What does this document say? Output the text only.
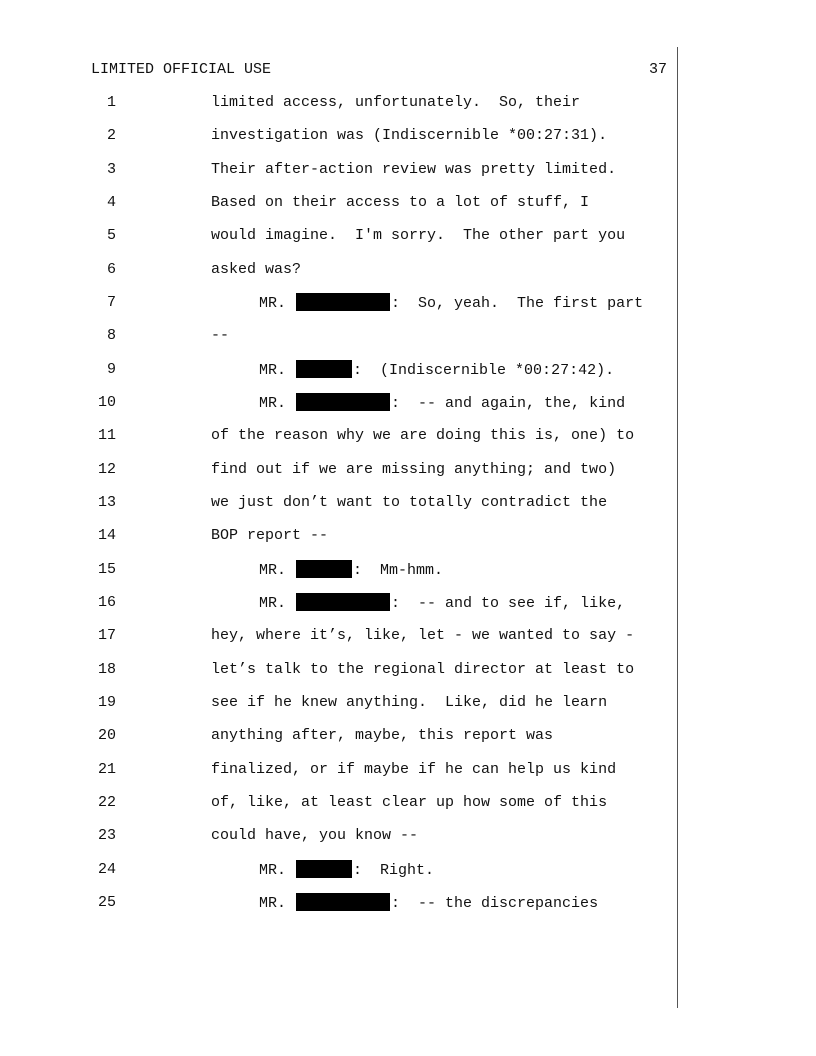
LIMITED OFFICIAL USE	37
1	limited access, unfortunately.  So, their
2	investigation was (Indiscernible *00:27:31).
3	Their after-action review was pretty limited.
4	Based on their access to a lot of stuff, I
5	would imagine.  I'm sorry.  The other part you
6	asked was?
7	MR.	:  So, yeah.  The first part
8	--
9	MR.	:  (Indiscernible *00:27:42).
10	MR.	:  -- and again, the, kind
11	of the reason why we are doing this is, one) to
12	find out if we are missing anything; and two)
13	we just don’t want to totally contradict the
14	BOP report --
15	MR.	:  Mm-hmm.
16	MR.	:  -- and to see if, like,
17	hey, where it’s, like, let - we wanted to say -
18	let’s talk to the regional director at least to
19	see if he knew anything.  Like, did he learn
20	anything after, maybe, this report was
21	finalized, or if maybe if he can help us kind
22	of, like, at least clear up how some of this
23	could have, you know --
24	MR.	:  Right.
25	MR.	:  -- the discrepancies
